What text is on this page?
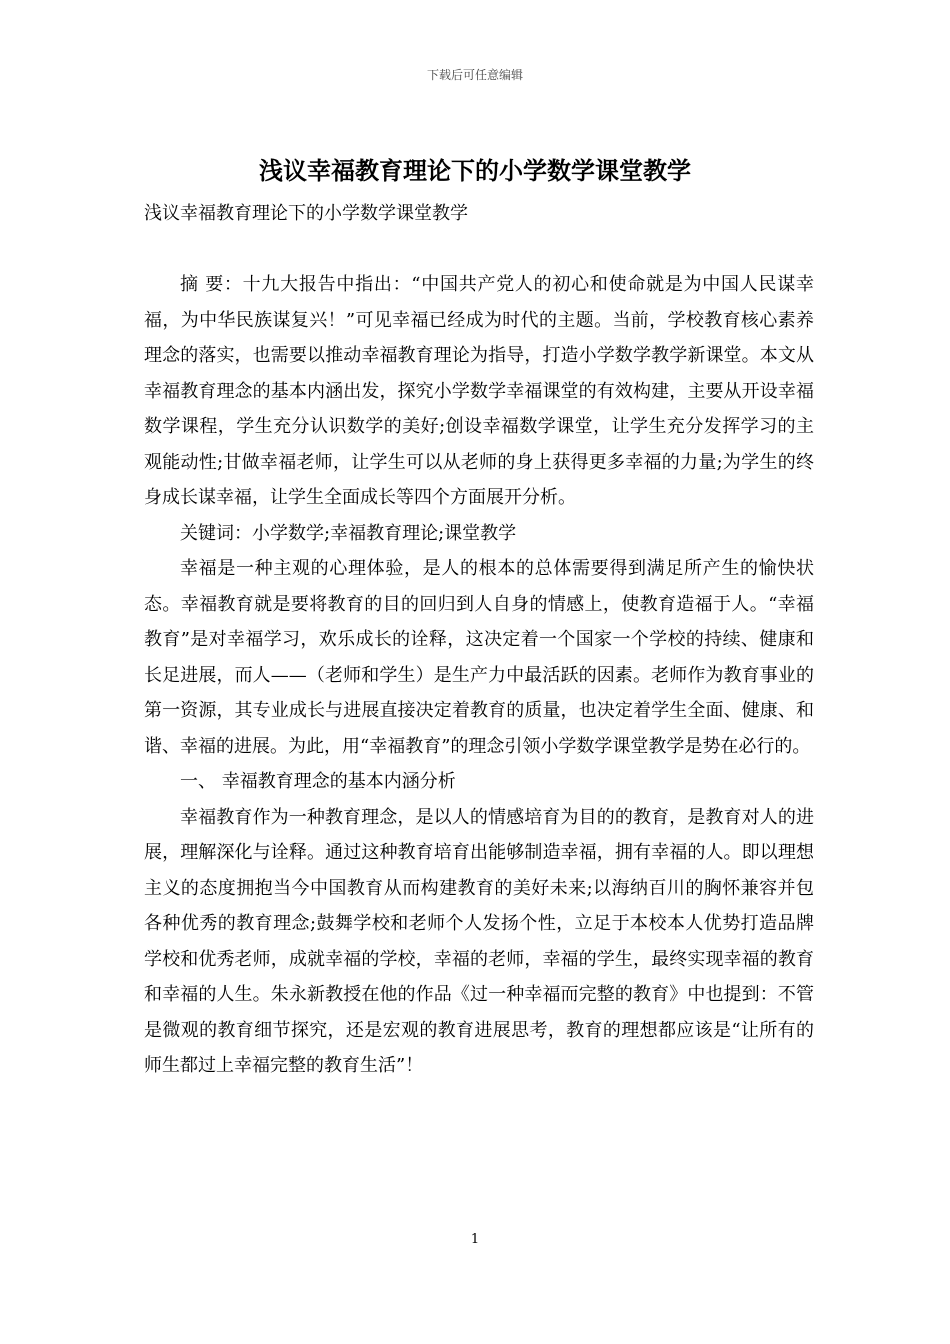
下载后可任意编辑
浅议幸福教育理论下的小学数学课堂教学

浅议幸福教育理论下的小学数学课堂教学

摘 要：十九大报告中指出：“中国共产党人的初心和使命就是为中国人民谋幸福，为中华民族谋复兴！”可见幸福已经成为时代的主题。当前，学校教育核心素养理念的落实，也需要以推动幸福教育理论为指导，打造小学数学教学新课堂。本文从幸福教育理念的基本内涵出发，探究小学数学幸福课堂的有效构建，主要从开设幸福数学课程，学生充分认识数学的美好;创设幸福数学课堂，让学生充分发挥学习的主观能动性;甘做幸福老师，让学生可以从老师的身上获得更多幸福的力量;为学生的终身成长谋幸福，让学生全面成长等四个方面展开分析。

关键词：小学数学;幸福教育理论;课堂教学

幸福是一种主观的心理体验，是人的根本的总体需要得到满足所产生的愉快状态。幸福教育就是要将教育的目的回归到人自身的情感上，使教育造福于人。“幸福教育”是对幸福学习，欢乐成长的诠释，这决定着一个国家一个学校的持续、健康和长足进展，而人——（老师和学生）是生产力中最活跃的因素。老师作为教育事业的第一资源，其专业成长与进展直接决定着教育的质量，也决定着学生全面、健康、和谐、幸福的进展。为此，用“幸福教育”的理念引领小学数学课堂教学是势在必行的。

一、 幸福教育理念的基本内涵分析

幸福教育作为一种教育理念，是以人的情感培育为目的的教育，是教育对人的进展，理解深化与诠释。通过这种教育培育出能够制造幸福，拥有幸福的人。即以理想主义的态度拥抱当今中国教育从而构建教育的美好未来;以海纳百川的胸怀兼容并包各种优秀的教育理念;鼓舞学校和老师个人发扬个性，立足于本校本人优势打造品牌学校和优秀老师，成就幸福的学校，幸福的老师，幸福的学生，最终实现幸福的教育和幸福的人生。朱永新教授在他的作品《过一种幸福而完整的教育》中也提到：不管是微观的教育细节探究，还是宏观的教育进展思考，教育的理想都应该是“让所有的师生都过上幸福完整的教育生活”！

1
